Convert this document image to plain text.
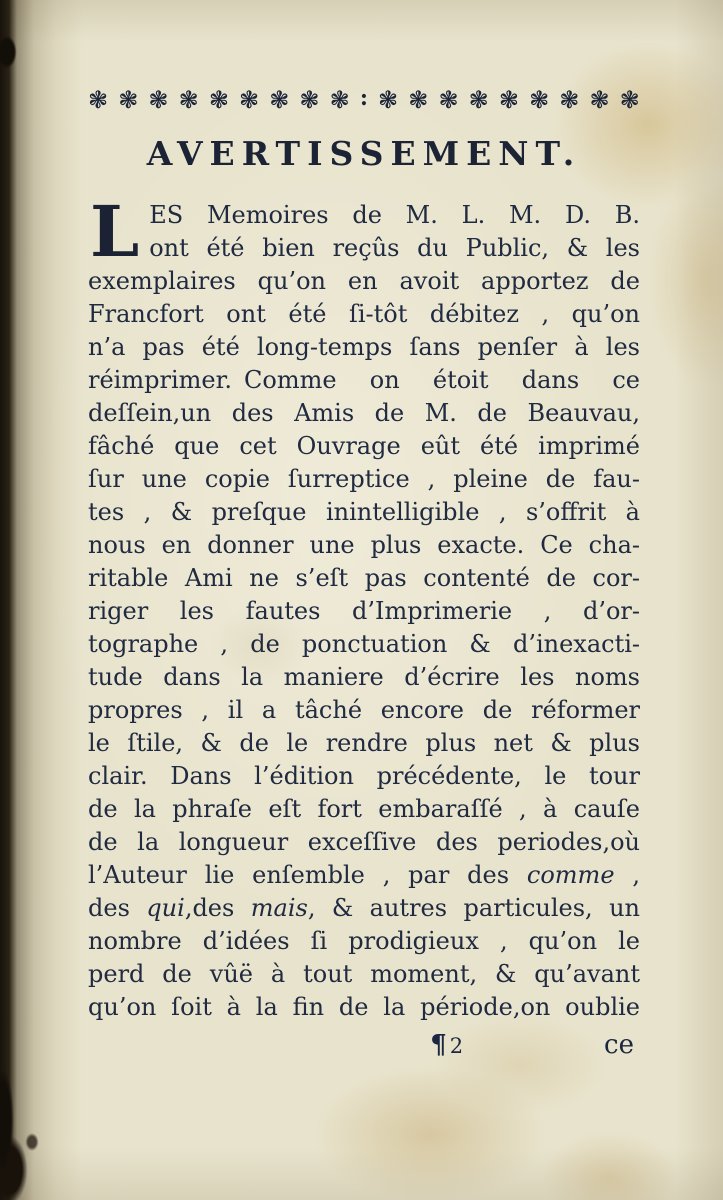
❃ ❃ ❃ ❃ ❃ ❃ ❃ ❃ ❃ : ❃ ❃ ❃ ❃ ❃ ❃ ❃ ❃ ❃
AVERTISSEMENT.
L ES Memoires de M. L. M. D. B.
ont été bien reçûs du Public, & les
exemplaires qu’on en avoit apportez de
Francfort ont été ſi-tôt débitez , qu’on
n’a pas été long-temps ſans penſer à les
réimprimer. Comme on étoit dans ce
deſſein,un des Amis de M. de Beauvau,
fâché que cet Ouvrage eût été imprimé
ſur une copie ſurreptice , pleine de fau-
tes , & preſque inintelligible , s’offrit à
nous en donner une plus exacte. Ce cha-
ritable Ami ne s’eſt pas contenté de cor-
riger les fautes d’Imprimerie , d’or-
tographe , de ponctuation & d’inexacti-
tude dans la maniere d’écrire les noms
propres , il a tâché encore de réformer
le ſtile, & de le rendre plus net & plus
clair. Dans l’édition précédente, le tour
de la phraſe eſt fort embaraſſé , à cauſe
de la longueur exceſſive des periodes,où
l’Auteur lie enſemble , par des comme ,
des qui,des mais, & autres particules, un
nombre d’idées ſi prodigieux , qu’on le
perd de vûë à tout moment, & qu’avant
qu’on ſoit à la fin de la période,on oublie
¶ 2	ce
